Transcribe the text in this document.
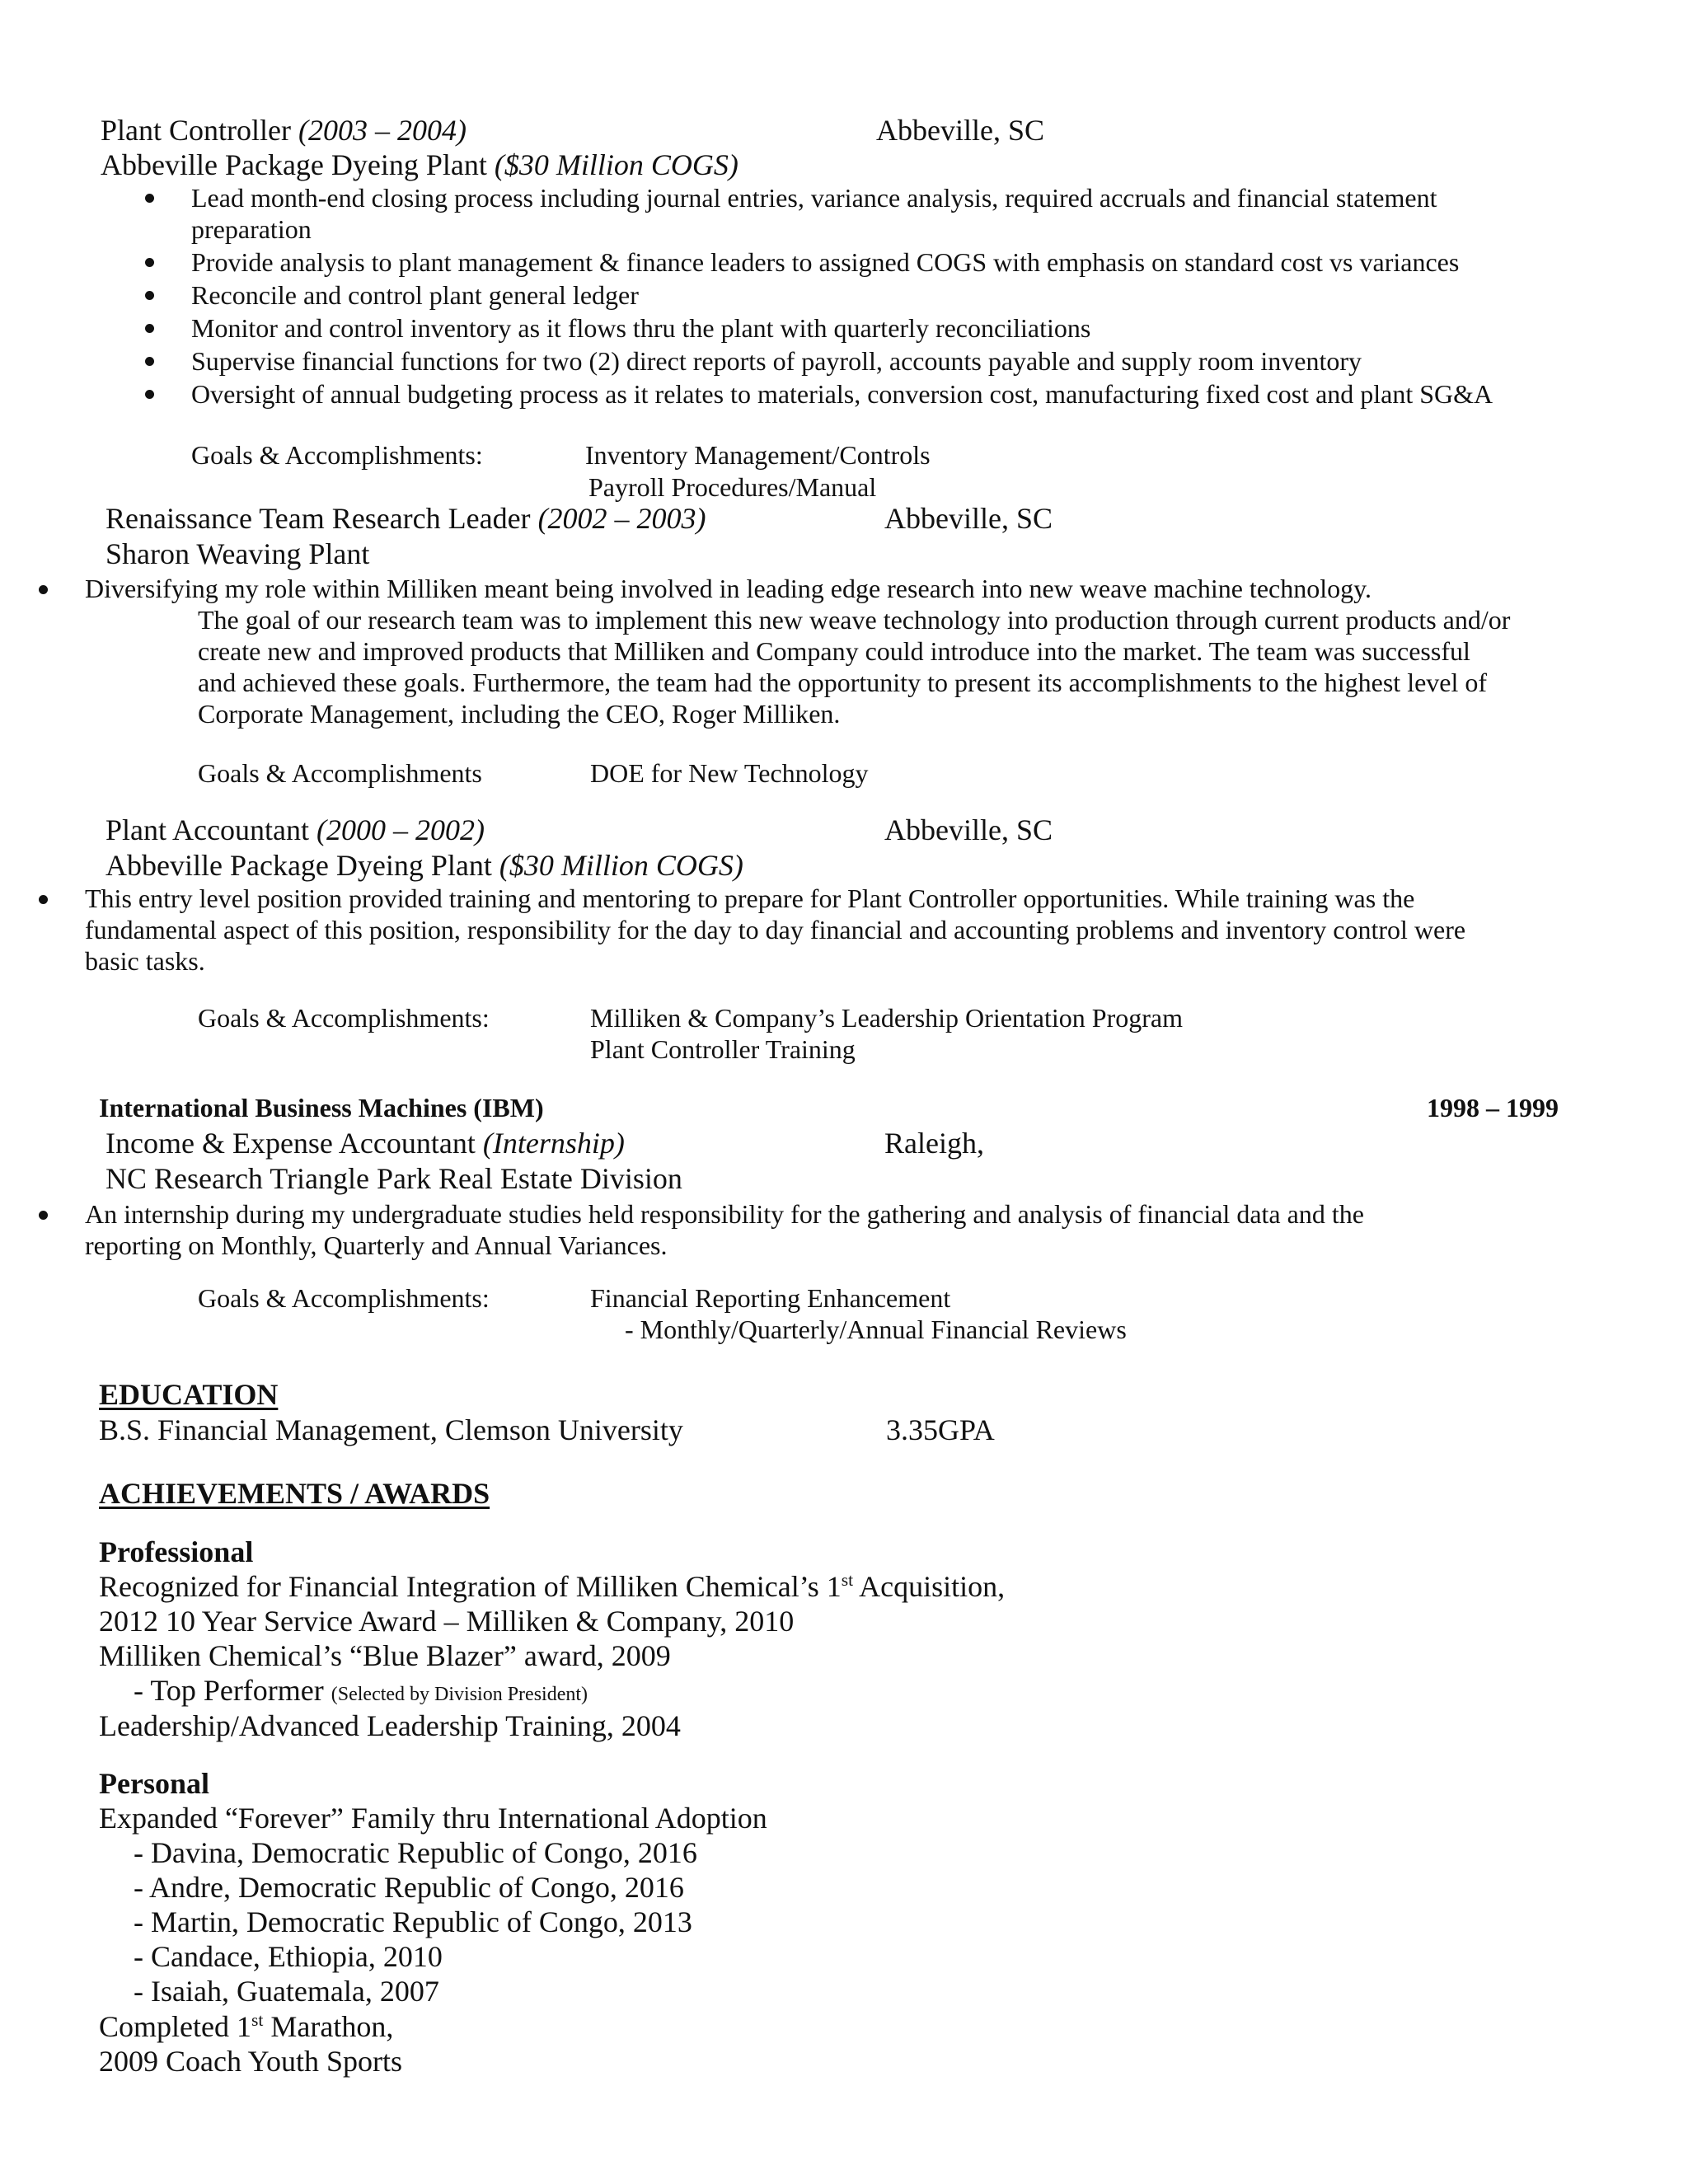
Plant Controller (2003 – 2004)	Abbeville, SC
Abbeville Package Dyeing Plant ($30 Million COGS)
Lead month-end closing process including journal entries, variance analysis, required accruals and financial statement
preparation
Provide analysis to plant management & finance leaders to assigned COGS with emphasis on standard cost vs variances
Reconcile and control plant general ledger
Monitor and control inventory as it flows thru the plant with quarterly reconciliations
Supervise financial functions for two (2) direct reports of payroll, accounts payable and supply room inventory
Oversight of annual budgeting process as it relates to materials, conversion cost, manufacturing fixed cost and plant SG&A
Goals & Accomplishments:	Inventory Management/Controls
Payroll Procedures/Manual
Renaissance Team Research Leader (2002 – 2003)	Abbeville, SC
Sharon Weaving Plant
Diversifying my role within Milliken meant being involved in leading edge research into new weave machine technology.
The goal of our research team was to implement this new weave technology into production through current products and/or
create new and improved products that Milliken and Company could introduce into the market. The team was successful
and achieved these goals. Furthermore, the team had the opportunity to present its accomplishments to the highest level of
Corporate Management, including the CEO, Roger Milliken.
Goals & Accomplishments	DOE for New Technology
Plant Accountant (2000 – 2002)	Abbeville, SC
Abbeville Package Dyeing Plant ($30 Million COGS)
This entry level position provided training and mentoring to prepare for Plant Controller opportunities. While training was the
fundamental aspect of this position, responsibility for the day to day financial and accounting problems and inventory control were
basic tasks.
Goals & Accomplishments:	Milliken & Company’s Leadership Orientation Program
Plant Controller Training
International Business Machines (IBM)	1998 – 1999
Income & Expense Accountant (Internship)	Raleigh,
NC Research Triangle Park Real Estate Division
An internship during my undergraduate studies held responsibility for the gathering and analysis of financial data and the
reporting on Monthly, Quarterly and Annual Variances.
Goals & Accomplishments:	Financial Reporting Enhancement
- Monthly/Quarterly/Annual Financial Reviews
EDUCATION
B.S. Financial Management, Clemson University	3.35GPA
ACHIEVEMENTS / AWARDS
Professional
Recognized for Financial Integration of Milliken Chemical’s 1st Acquisition,
2012 10 Year Service Award – Milliken & Company, 2010
Milliken Chemical’s “Blue Blazer” award, 2009
- Top Performer (Selected by Division President)
Leadership/Advanced Leadership Training, 2004
Personal
Expanded “Forever” Family thru International Adoption
- Davina, Democratic Republic of Congo, 2016
- Andre, Democratic Republic of Congo, 2016
- Martin, Democratic Republic of Congo, 2013
- Candace, Ethiopia, 2010
- Isaiah, Guatemala, 2007
Completed 1st Marathon,
2009 Coach Youth Sports
